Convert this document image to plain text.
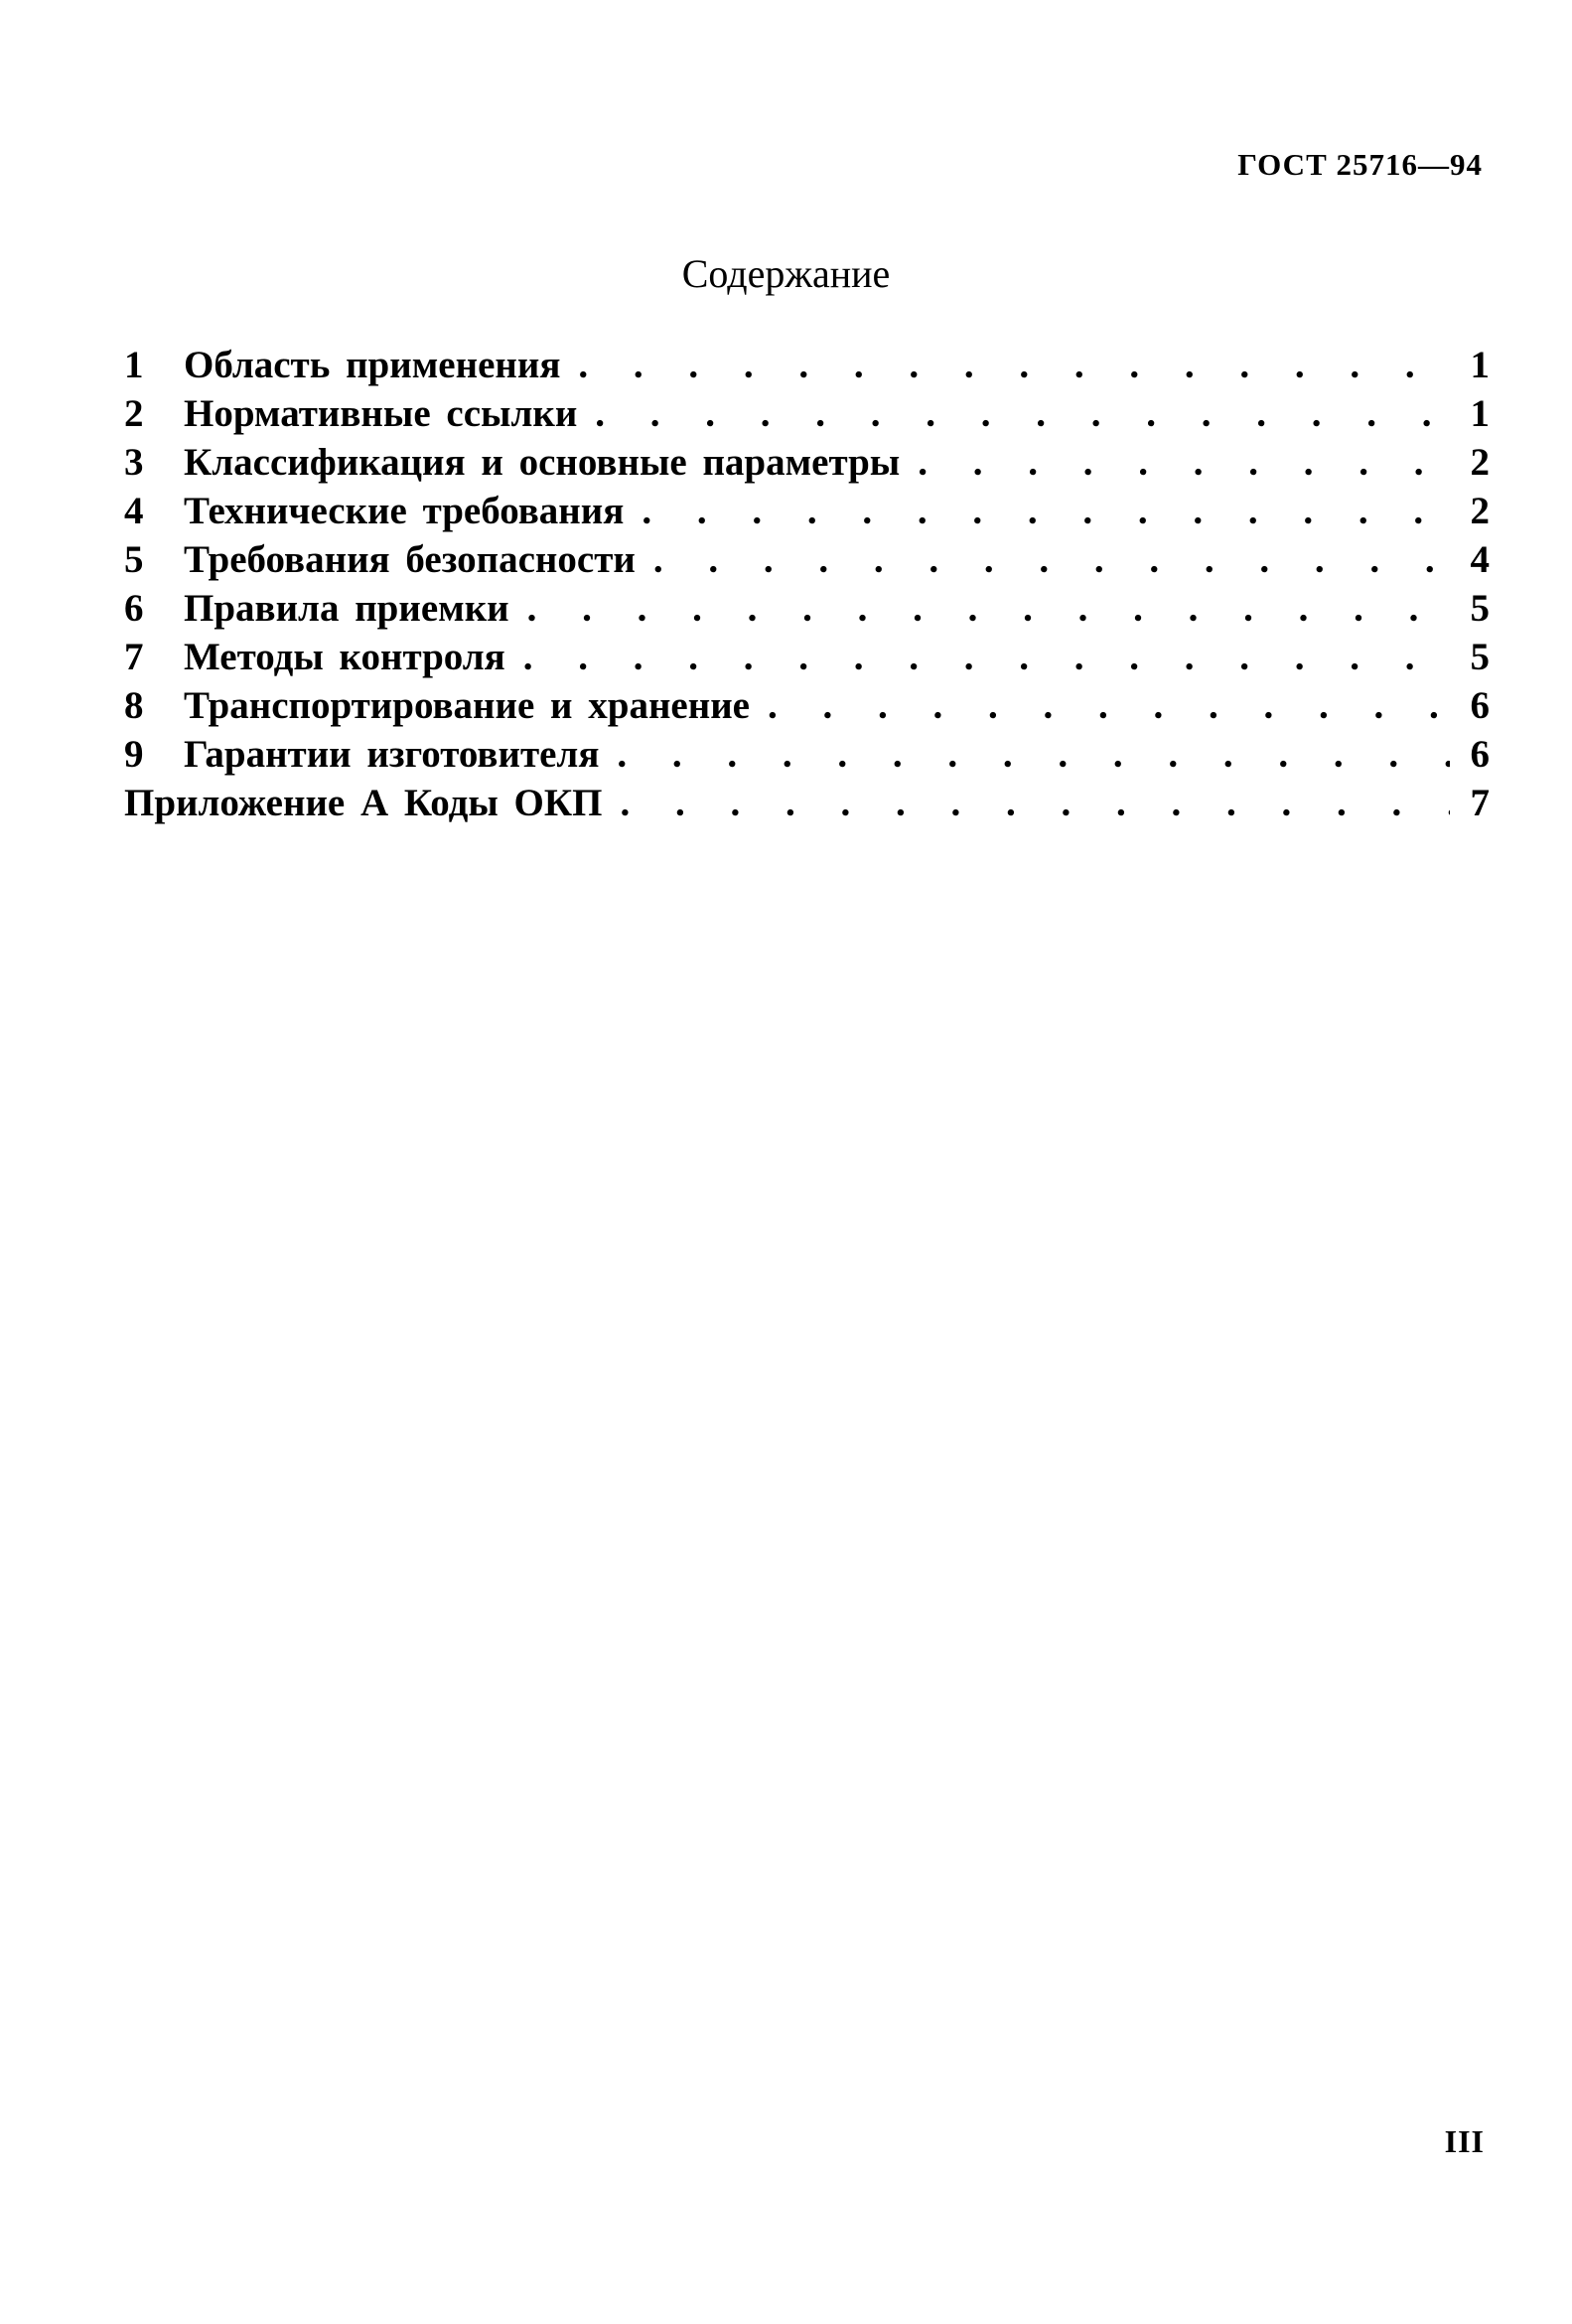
ГОСТ 25716—94
Содержание
1	Область применения . . .	1
2	Нормативные ссылки . . .	1
3	Классификация и основные параметры . . .	2
4	Технические требования . . .	2
5	Требования безопасности . . .	4
6	Правила приемки . . .	5
7	Методы контроля . . .	5
8	Транспортирование и хранение . . .	6
9	Гарантии изготовителя . . .	6
Приложение А Коды ОКП . . .	7
III
